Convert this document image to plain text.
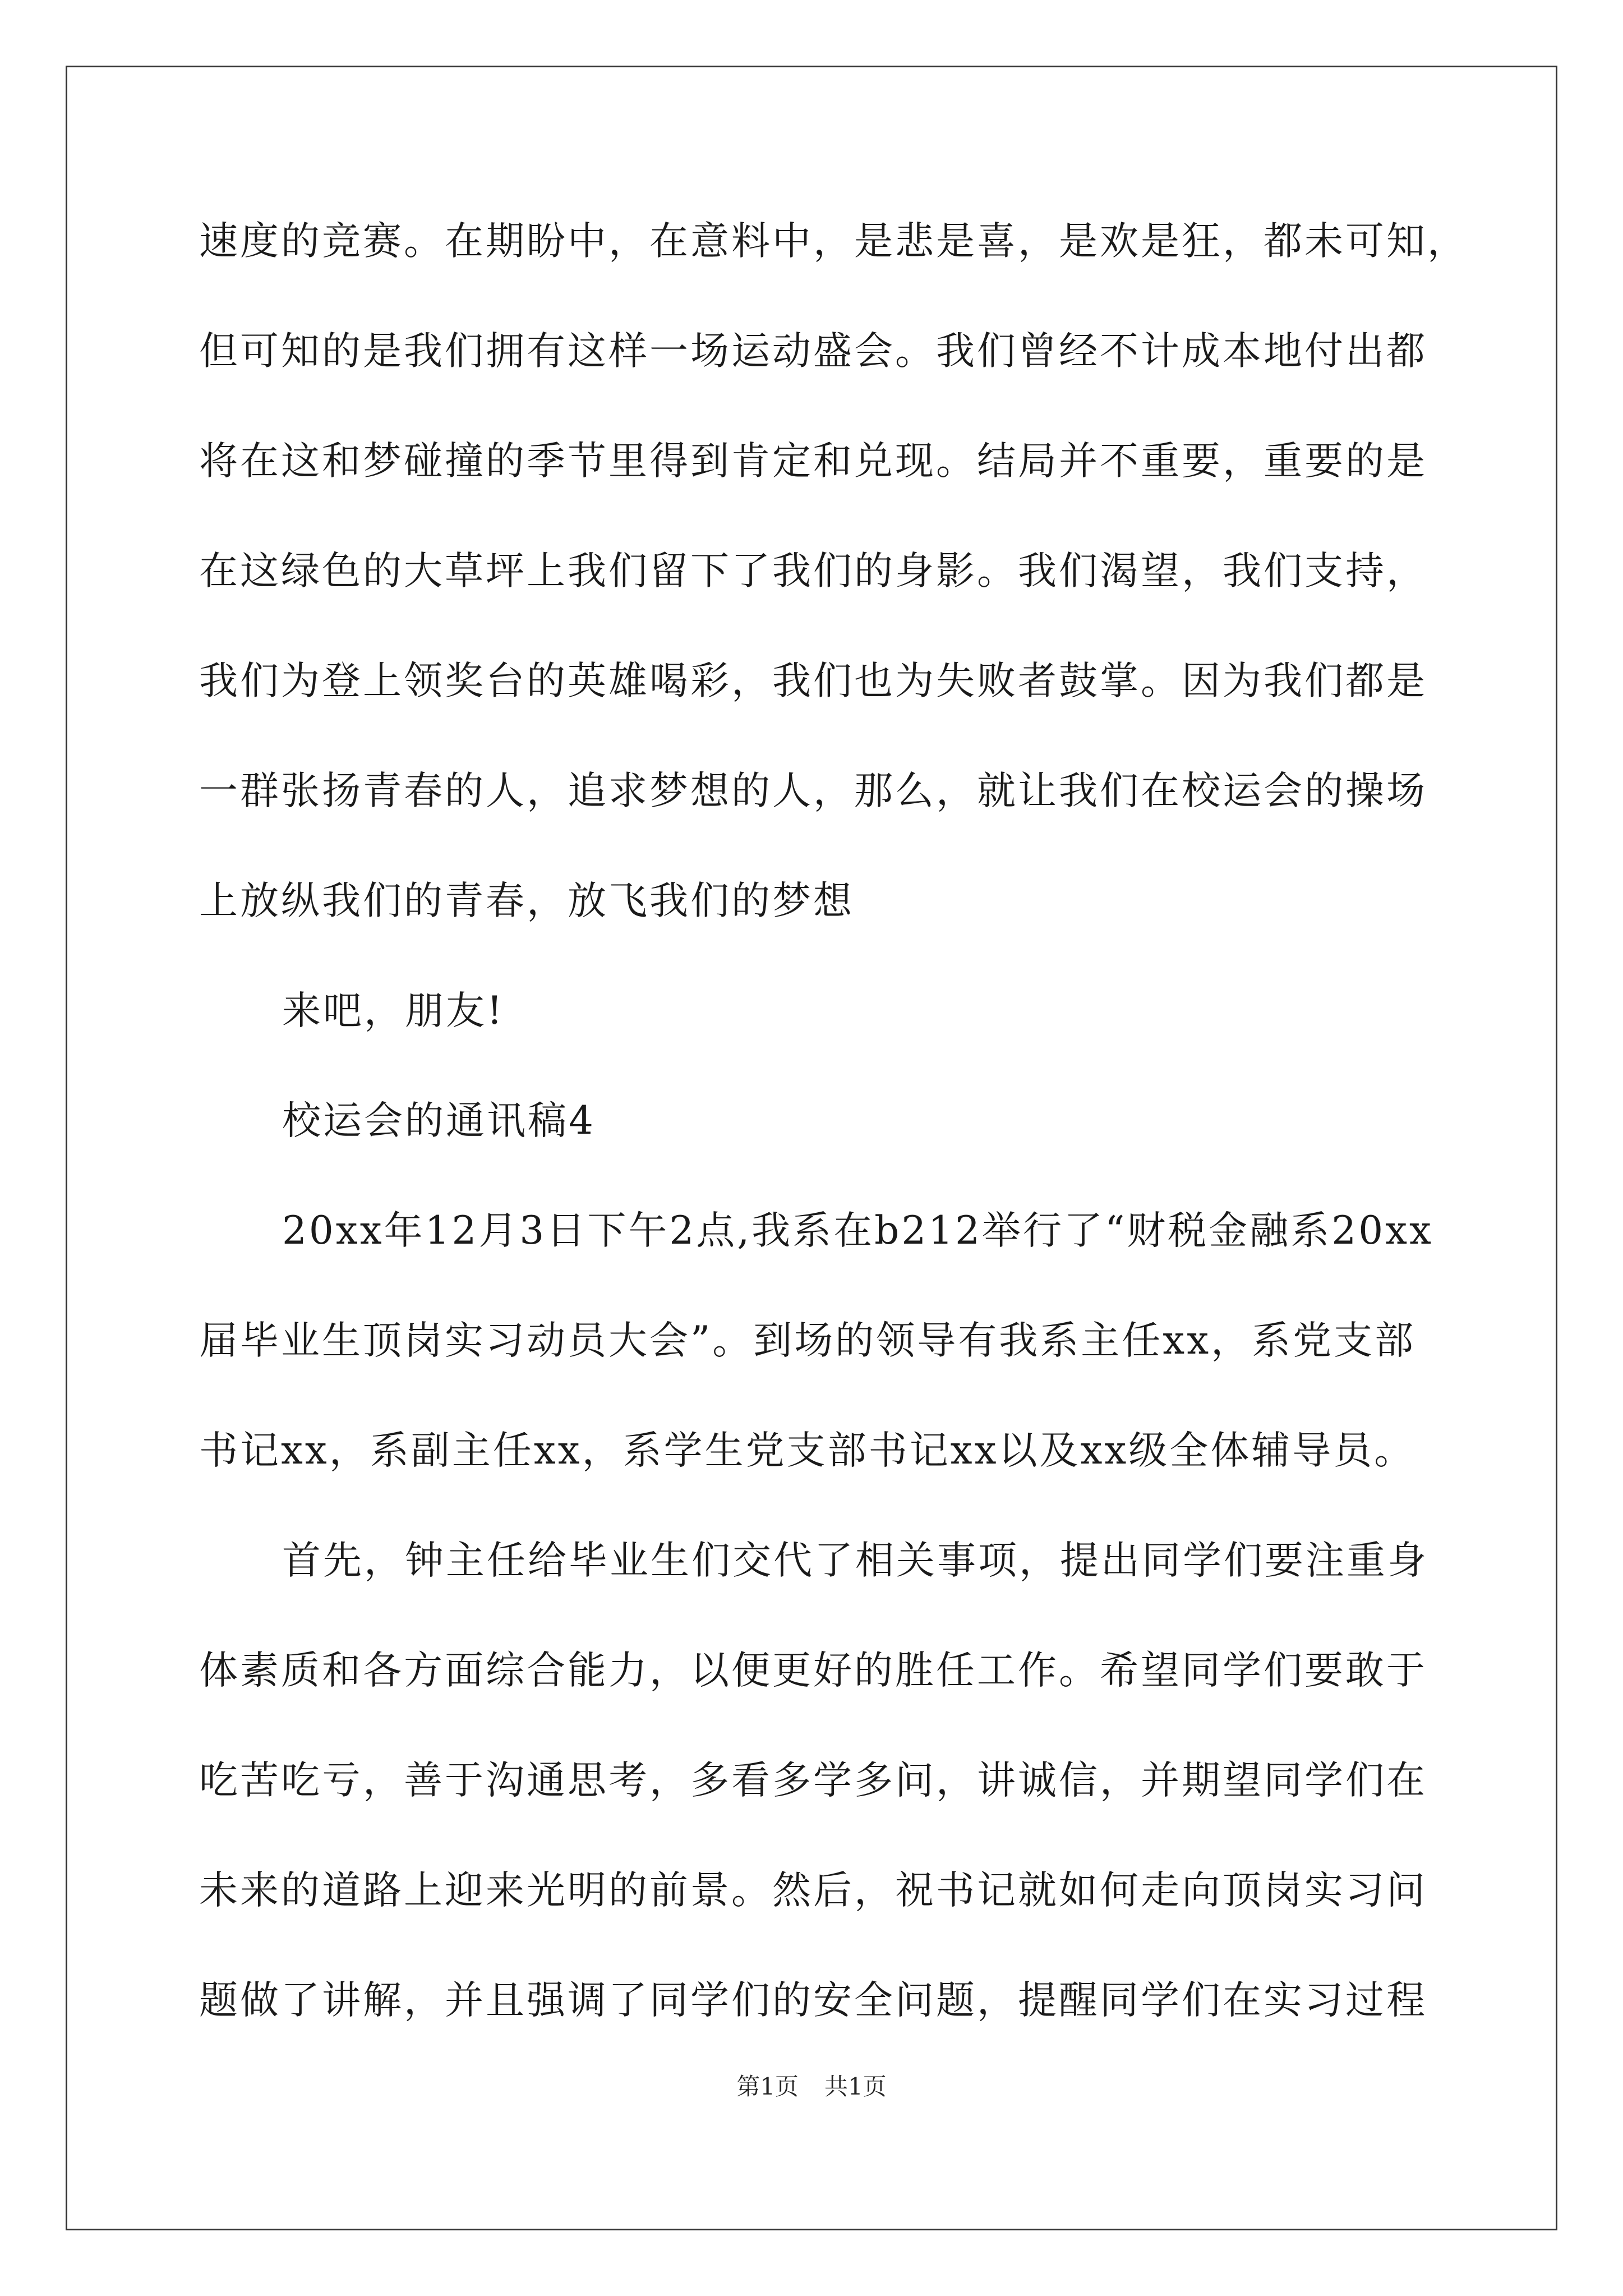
速度的竞赛。在期盼中，在意料中，是悲是喜，是欢是狂，都未可知，
但可知的是我们拥有这样一场运动盛会。我们曾经不计成本地付出都
将在这和梦碰撞的季节里得到肯定和兑现。结局并不重要，重要的是
在这绿色的大草坪上我们留下了我们的身影。我们渴望，我们支持，
我们为登上领奖台的英雄喝彩，我们也为失败者鼓掌。因为我们都是
一群张扬青春的人，追求梦想的人，那么，就让我们在校运会的操场
上放纵我们的青春，放飞我们的梦想
来吧，朋友!
校运会的通讯稿4
20xx年12月3日下午2点,我系在b212举行了“财税金融系20xx
届毕业生顶岗实习动员大会”。到场的领导有我系主任xx，系党支部
书记xx，系副主任xx，系学生党支部书记xx以及xx级全体辅导员。
首先，钟主任给毕业生们交代了相关事项，提出同学们要注重身
体素质和各方面综合能力，以便更好的胜任工作。希望同学们要敢于
吃苦吃亏，善于沟通思考，多看多学多问，讲诚信，并期望同学们在
未来的道路上迎来光明的前景。然后，祝书记就如何走向顶岗实习问
题做了讲解，并且强调了同学们的安全问题，提醒同学们在实习过程
第1页 共1页
